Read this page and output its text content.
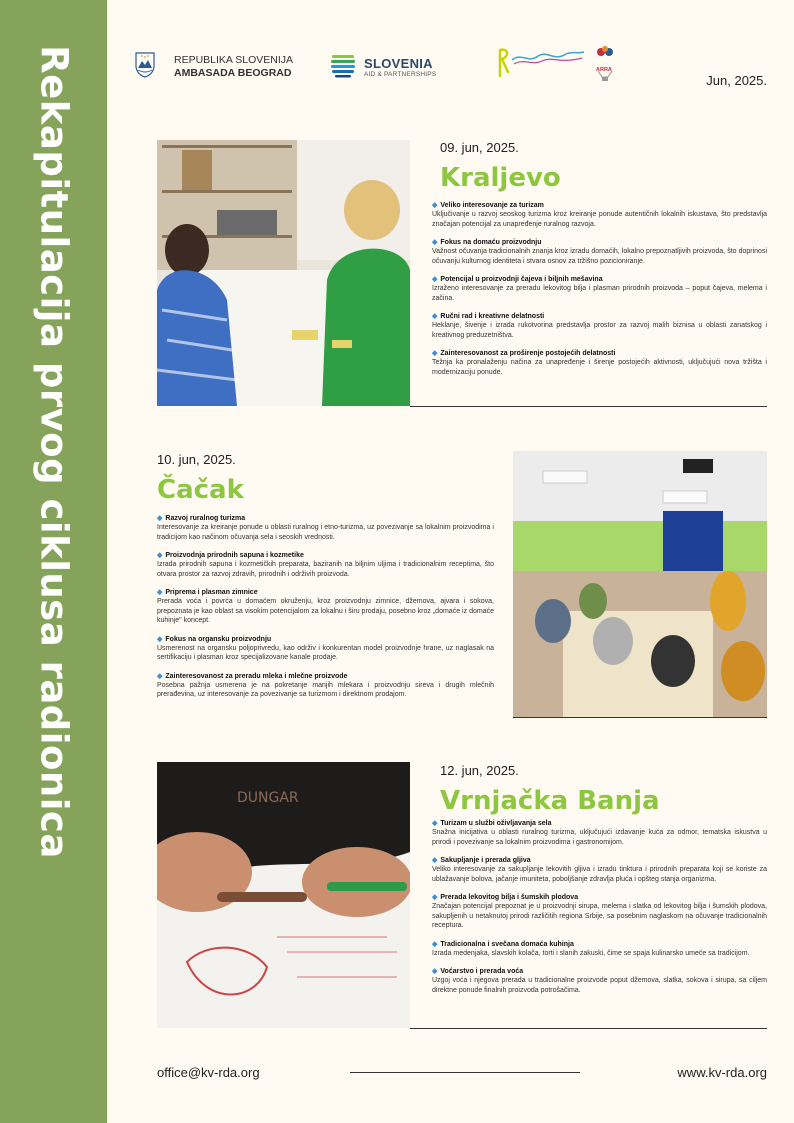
Rekapitulacija prvog ciklusa radionica	REPUBLIKA SLOVENIJA
AMBASADA BEOGRAD
SLOVENIA
AID & PARTNERSHIPS
ARRA
Jun, 2025.
09. jun, 2025.
Kraljevo
◆ Veliko interesovanje za turizam
Uključivanje u razvoj seoskog turizma kroz kreiranje ponude autentičnih lokalnih iskustava, što predstavlja značajan potencijal za unapređenje ruralnog razvoja.
◆ Fokus na domaću proizvodnju
Važnost očuvanja tradicionalnih znanja kroz izradu domaćih, lokalno prepoznatljivih proizvoda, što doprinosi očuvanju kulturnog identiteta i stvara osnov za tržišno pozicioniranje.
◆ Potencijal u proizvodnji čajeva i biljnih mešavina
Izraženo interesovanje za preradu lekovitog bilja i plasman prirodnih proizvoda – poput čajeva, melema i začina.
◆ Ručni rad i kreativne delatnosti
Heklanje, šivenje i izrada rukotvorina predstavlja prostor za razvoj malih biznisa u oblasti zanatskog i kreativnog preduzetništva.
◆ Zainteresovanost za proširenje postojećih delatnosti
Težnja ka pronalaženju načina za unapređenje i širenje postojećih aktivnosti, uključujući nova tržišta i modernizaciju ponude.
10. jun, 2025.
Čačak
◆ Razvoj ruralnog turizma
Interesovanje za kreiranje ponude u oblasti ruralnog i etno-turizma, uz povezivanje sa lokalnim proizvodima i tradicijom kao načinom očuvanja sela i seoskih vrednosti.
◆ Proizvodnja prirodnih sapuna i kozmetike
Izrada prirodnih sapuna i kozmetičkih preparata, baziranih na biljnim uljima i tradicionalnim receptima, što otvara prostor za razvoj zdravih, prirodnih i održivih proizvoda.
◆ Priprema i plasman zimnice
Prerada voća i povrća u domaćem okruženju, kroz proizvodnju zimnice, džemova, ajvara i sokova, prepoznata je kao oblast sa visokim potencijalom za lokalnu i širu prodaju, posebno kroz „domaće iz domaće kuhinje" koncept.
◆ Fokus na organsku proizvodnju
Usmerenost na organsku poljoprivredu, kao održiv i konkurentan model proizvodnje hrane, uz naglasak na sertifikaciju i plasman kroz specijalizovane kanale prodaje.
◆ Zainteresovanost za preradu mleka i mlečne proizvode
Posebna pažnja usmerena je na pokretanje manjih mlekara i proizvodnju sireva i drugih mlečnih prerađevina, uz interesovanje za povezivanje sa turizmom i direktnom prodajom.
DUNGAR
12. jun, 2025.
Vrnjačka Banja
◆ Turizam u službi oživljavanja sela
Snažna inicijativa u oblasti ruralnog turizma, uključujući izdavanje kuća za odmor, tematska iskustva u prirodi i povezivanje sa lokalnim proizvodima i gastronomijom.
◆ Sakupljanje i prerada gljiva
Veliko interesovanje za sakupljanje lekovitih gljiva i izradu tinktura i prirodnih preparata koji se koriste za ublažavanje bolova, jačanje imuniteta, poboljšanje zdravlja pluća i opšteg stanja organizma.
◆ Prerada lekovitog bilja i šumskih plodova
Značajan potencijal prepoznat je u proizvodnji sirupa, melema i slatka od lekovitog bilja i šumskih plodova, sakupljenih u netaknutoj prirodi različitih regiona Srbije, sa posebnim naglaskom na očuvanje tradicionalnih receptura.
◆ Tradicionalna i svečana domaća kuhinja
Izrada medenjaka, slavskih kolača, torti i slanih zakuski, čime se spaja kulinarsko umeće sa tradicijom.
◆ Voćarstvo i prerada voća
Uzgoj voća i njegova prerada u tradicionalne proizvode poput džemova, slatka, sokova i sirupa, sa ciljem direktne ponude finalnih proizvoda potrošačima.
office@kv-rda.org	www.kv-rda.org
